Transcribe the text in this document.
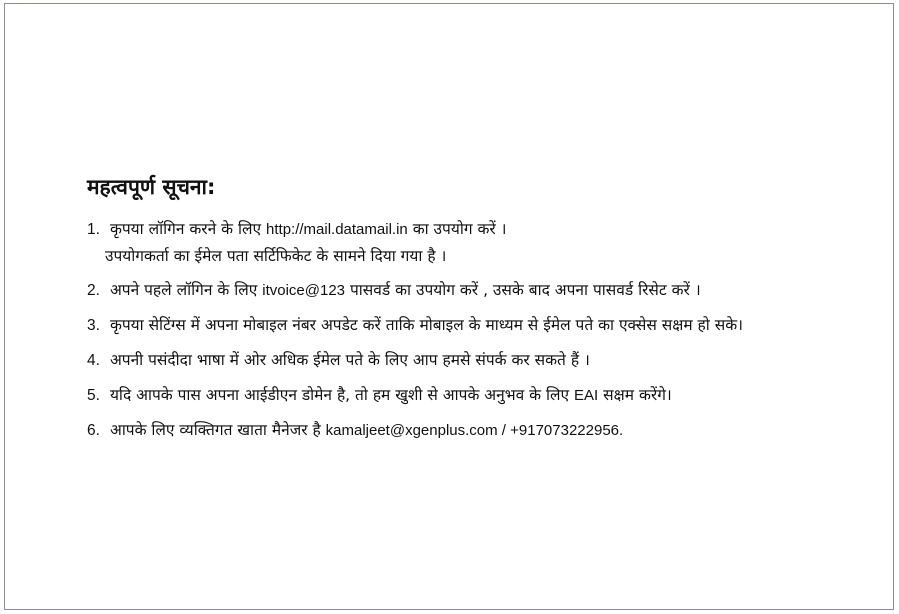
महत्वपूर्ण सूचना:
1. कृपया लॉगिन करने के लिए http://mail.datamail.in का उपयोग करें ।
उपयोगकर्ता का ईमेल पता सर्टिफिकेट के सामने दिया गया है ।
2. अपने पहले लॉगिन के लिए itvoice@123 पासवर्ड का उपयोग करें , उसके बाद अपना पासवर्ड रिसेट करें ।
3. कृपया सेटिंग्स में अपना मोबाइल नंबर अपडेट करें ताकि मोबाइल के माध्यम से ईमेल पते का एक्सेस सक्षम हो सके।
4. अपनी पसंदीदा भाषा में ओर अधिक ईमेल पते के लिए आप हमसे संपर्क कर सकते हैं ।
5. यदि आपके पास अपना आईडीएन डोमेन है, तो हम खुशी से आपके अनुभव के लिए EAI सक्षम करेंगे।
6. आपके लिए व्यक्तिगत खाता मैनेजर है kamaljeet@xgenplus.com / +917073222956.
